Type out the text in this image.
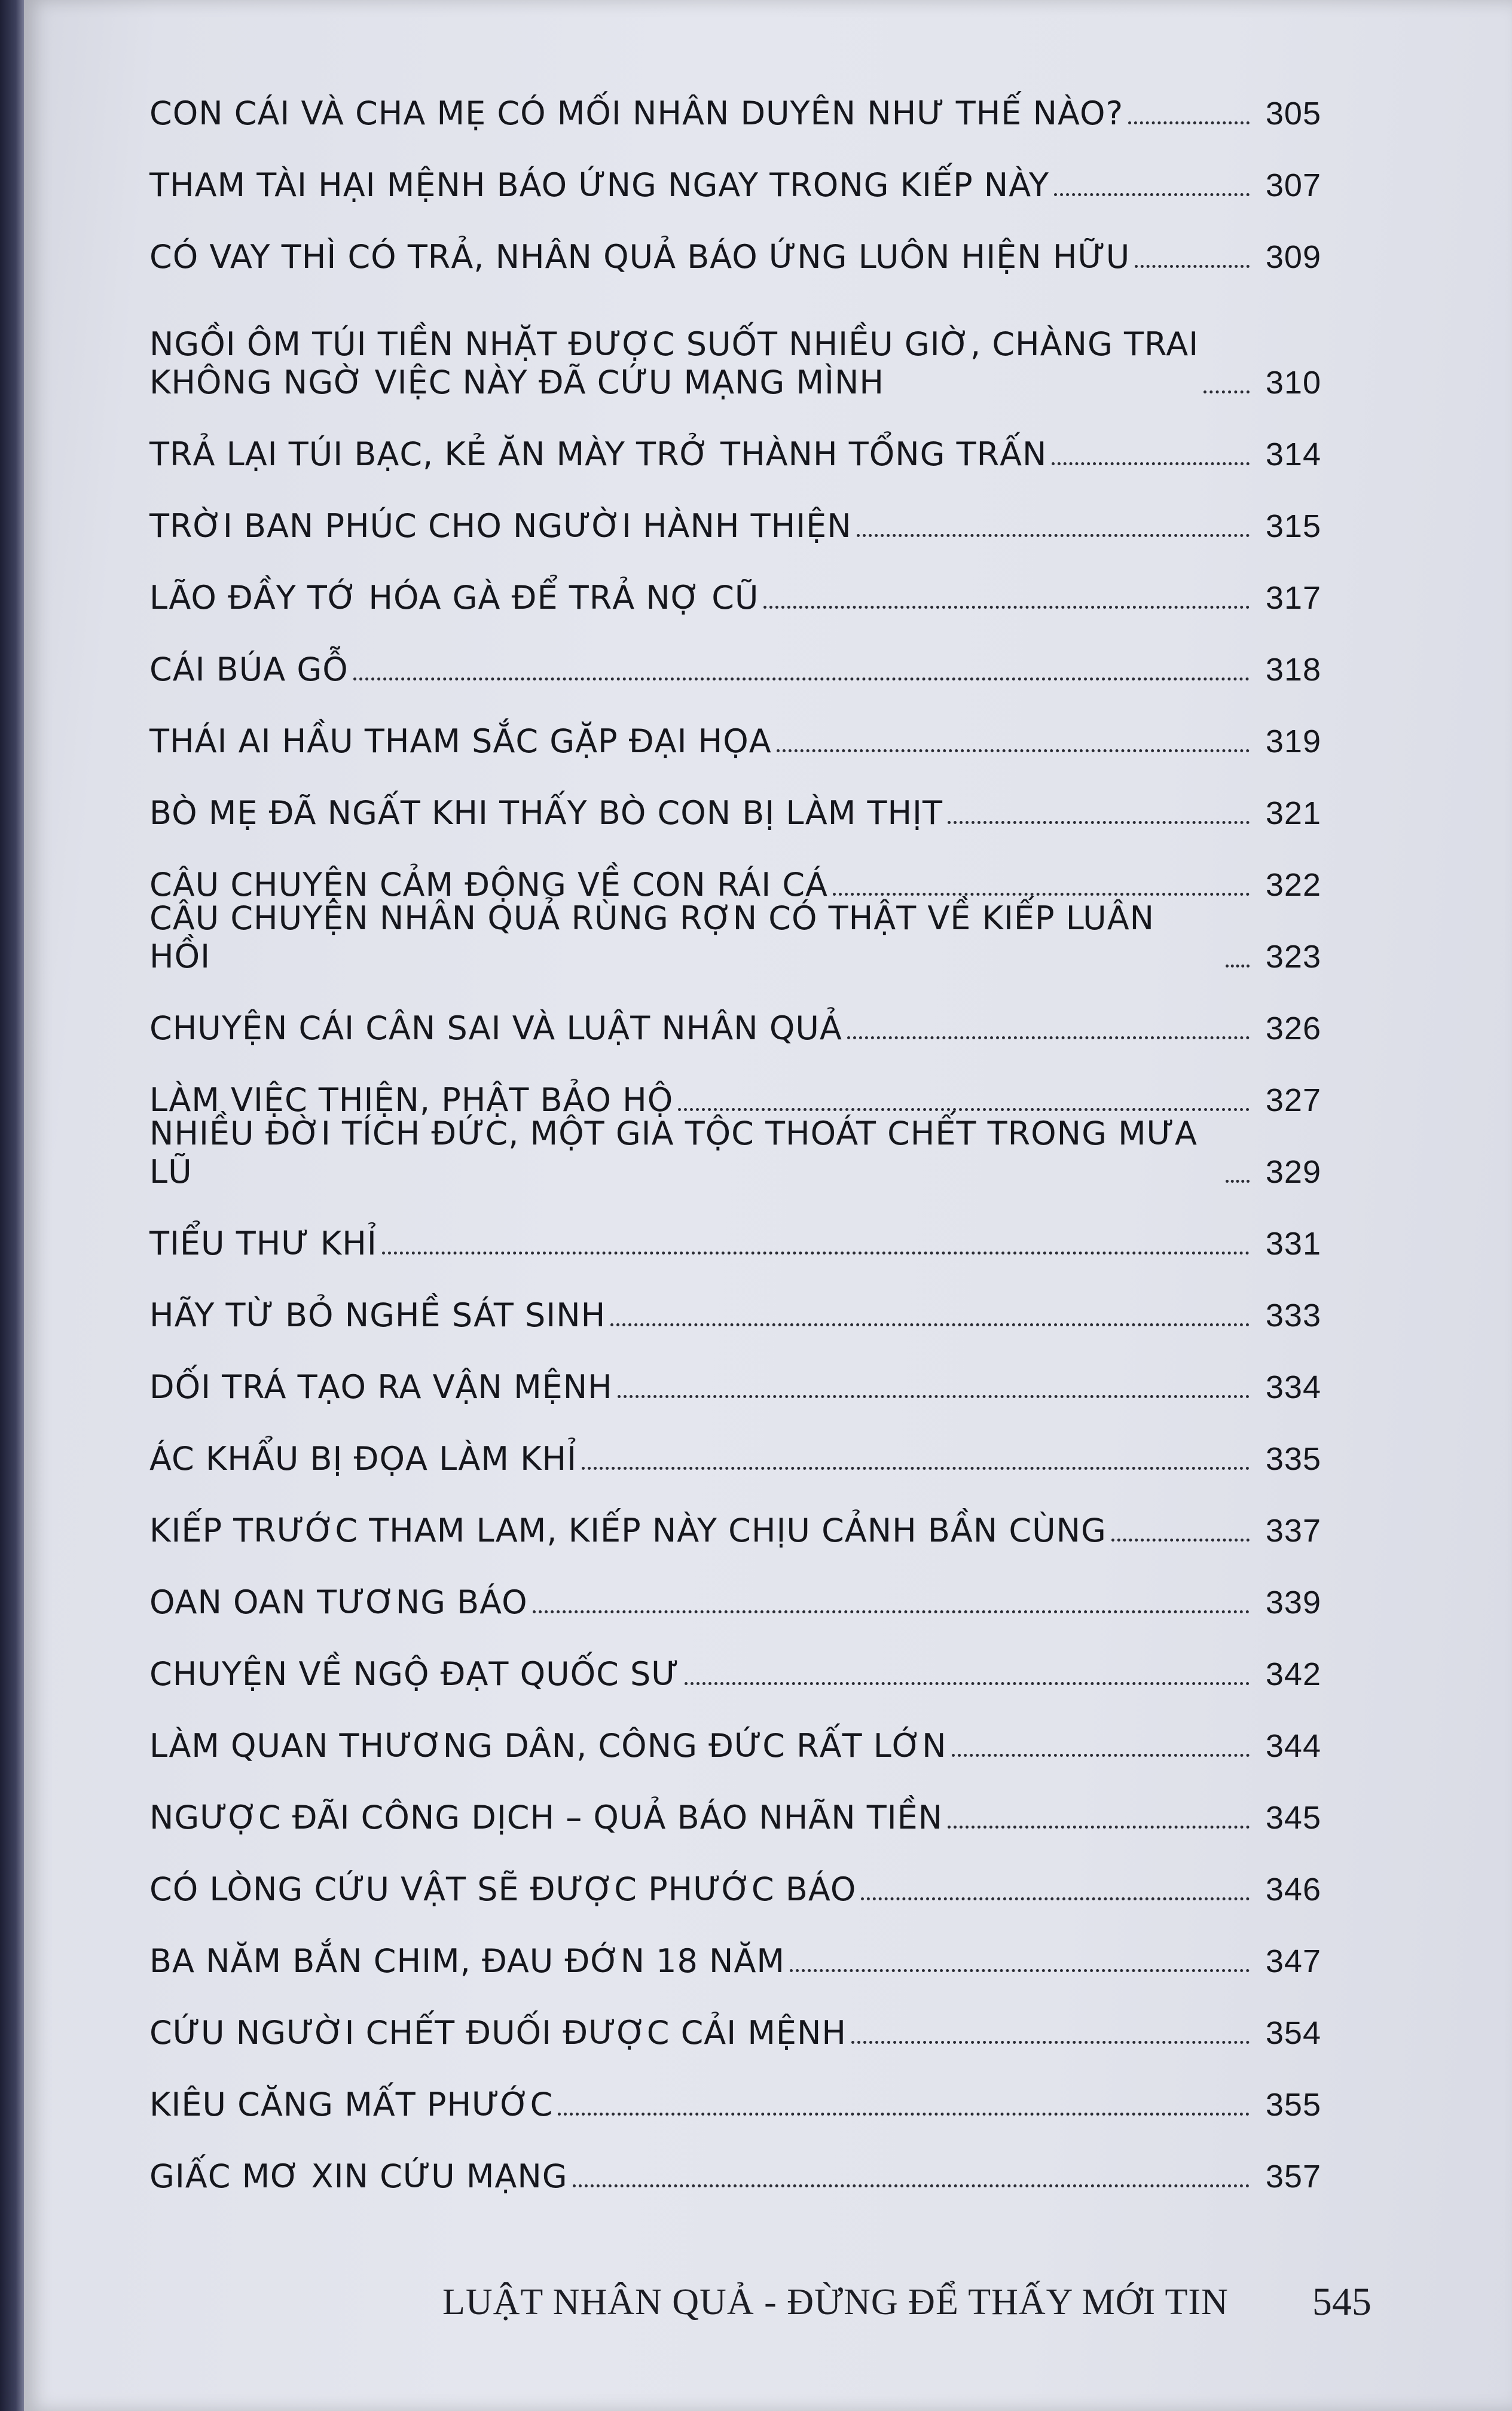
CON CÁI VÀ CHA MẸ CÓ MỐI NHÂN DUYÊN NHƯ THẾ NÀO?	305
THAM TÀI HẠI MỆNH BÁO ỨNG NGAY TRONG KIẾP NÀY	307
CÓ VAY THÌ CÓ TRẢ, NHÂN QUẢ BÁO ỨNG LUÔN HIỆN HỮU	309
NGỒI ÔM TÚI TIỀN NHẶT ĐƯỢC SUỐT NHIỀU GIỜ, CHÀNG TRAI
KHÔNG NGỜ VIỆC NÀY ĐÃ CỨU MẠNG MÌNH	310
TRẢ LẠI TÚI BẠC, KẺ ĂN MÀY TRỞ THÀNH TỔNG TRẤN	314
TRỜI BAN PHÚC CHO NGƯỜI HÀNH THIỆN	315
LÃO ĐẦY TỚ HÓA GÀ ĐỂ TRẢ NỢ CŨ	317
CÁI BÚA GỖ	318
THÁI AI HẦU THAM SẮC GẶP ĐẠI HỌA	319
BÒ MẸ ĐÃ NGẤT KHI THẤY BÒ CON BỊ LÀM THỊT	321
CÂU CHUYỆN CẢM ĐỘNG VỀ CON RÁI CÁ	322
CÂU CHUYỆN NHÂN QUẢ RÙNG RỢN CÓ THẬT VỀ KIẾP LUÂN HỒI	323
CHUYỆN CÁI CÂN SAI VÀ LUẬT NHÂN QUẢ	326
LÀM VIỆC THIỆN, PHẬT BẢO HỘ	327
NHIỀU ĐỜI TÍCH ĐỨC, MỘT GIA TỘC THOÁT CHẾT TRONG MƯA LŨ	329
TIỂU THƯ KHỈ	331
HÃY TỪ BỎ NGHỀ SÁT SINH	333
DỐI TRÁ TẠO RA VẬN MỆNH	334
ÁC KHẨU BỊ ĐỌA LÀM KHỈ	335
KIẾP TRƯỚC THAM LAM, KIẾP NÀY CHỊU CẢNH BẦN CÙNG	337
OAN OAN TƯƠNG BÁO	339
CHUYỆN VỀ NGỘ ĐẠT QUỐC SƯ	342
LÀM QUAN THƯƠNG DÂN, CÔNG ĐỨC RẤT LỚN	344
NGƯỢC ĐÃI CÔNG DỊCH – QUẢ BÁO NHÃN TIỀN	345
CÓ LÒNG CỨU VẬT SẼ ĐƯỢC PHƯỚC BÁO	346
BA NĂM BẮN CHIM, ĐAU ĐỚN 18 NĂM	347
CỨU NGƯỜI CHẾT ĐUỐI ĐƯỢC CẢI MỆNH	354
KIÊU CĂNG MẤT PHƯỚC	355
GIẤC MƠ XIN CỨU MẠNG	357
LUẬT NHÂN QUẢ - ĐỪNG ĐỂ THẤY MỚI TIN 545
